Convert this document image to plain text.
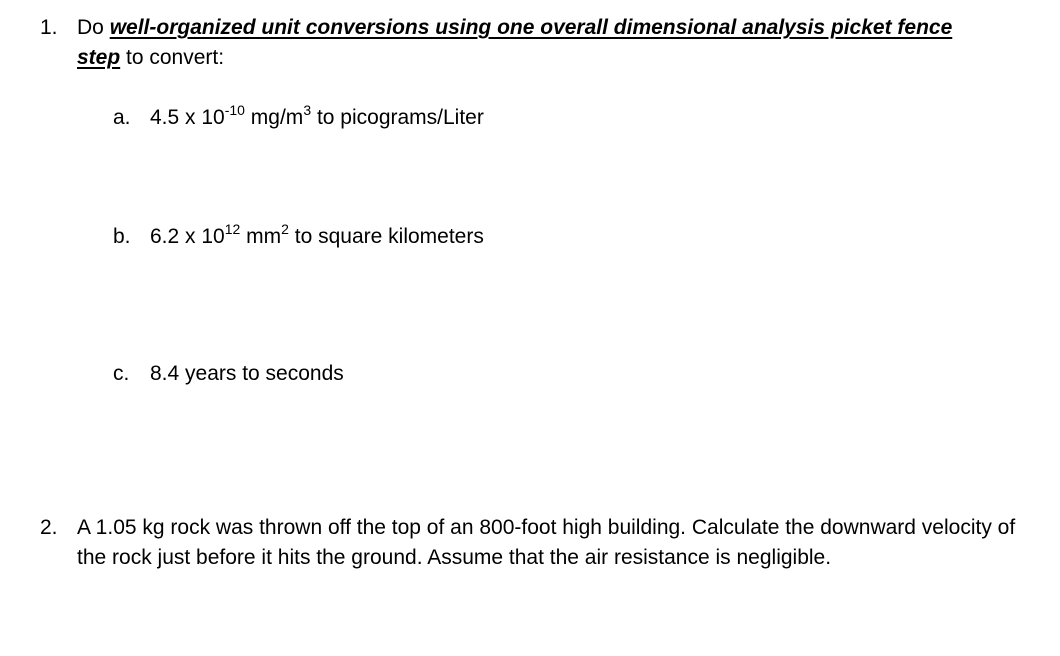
1. Do well-organized unit conversions using one overall dimensional analysis picket fence
step to convert:
a. 4.5 x $10^{-10}$ $mg/m^3$ to picograms/Liter
b. 6.2 x $10^{12}$ $mm^2$ to square kilometers
c. 8.4 years to seconds
2. A 1.05 kg rock was thrown off the top of an 800-foot high building. Calculate the downward velocity of the rock just before it hits the ground. Assume that the air resistance is negligible.
